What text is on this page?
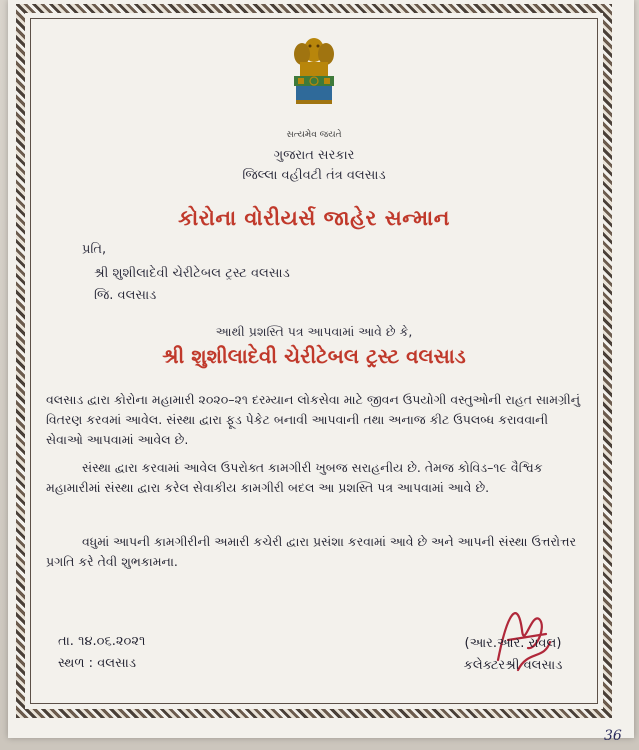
સત્યમેવ જયતે
ગુજરાત સરકાર
જિલ્લા વહીવટી તંત્ર વલસાડ
કોરોના વોરીયર્સ જાહેર સન્માન
પ્રતિ,
શ્રી શુશીલાદેવી ચેરીટેબલ ટ્રસ્ટ વલસાડ
જિ. વલસાડ
આથી પ્રશસ્તિ પત્ર આપવામાં આવે છે કે,
શ્રી શુશીલાદેવી ચેરીટેબલ ટ્રસ્ટ વલસાડ
વલસાડ દ્વારા કોરોના મહામારી ૨૦૨૦–૨૧ દરમ્યાન લોકસેવા માટે જીવન ઉપયોગી વસ્તુઓની રાહત સામગ્રીનું વિતરણ કરવમાં આવેલ. સંસ્થા દ્વારા ફૂડ પેકેટ બનાવી આપવાની તથા અનાજ કીટ ઉપલબ્ધ કરાવવાની સેવાઓ આપવામાં આવેલ છે.
સંસ્થા દ્વારા કરવામાં આવેલ ઉપરોક્ત કામગીરી ખુબજ સરાહનીય છે. તેમજ કોવિડ–૧૯ વૈશ્વિક મહામારીમાં સંસ્થા દ્વારા કરેલ સેવાકીય કામગીરી બદલ આ પ્રશસ્તિ પત્ર આપવામાં આવે છે.
વધુમાં આપની કામગીરીની અમારી કચેરી દ્વારા પ્રસંશા કરવામાં આવે છે અને આપની સંસ્થા ઉત્તરોત્તર પ્રગતિ કરે તેવી શુભકામના.
તા. ૧૪.૦૬.૨૦૨૧
સ્થળ : વલસાડ
(આર.આર. રાવલ)
કલેક્ટરશ્રી વલસાડ
36
